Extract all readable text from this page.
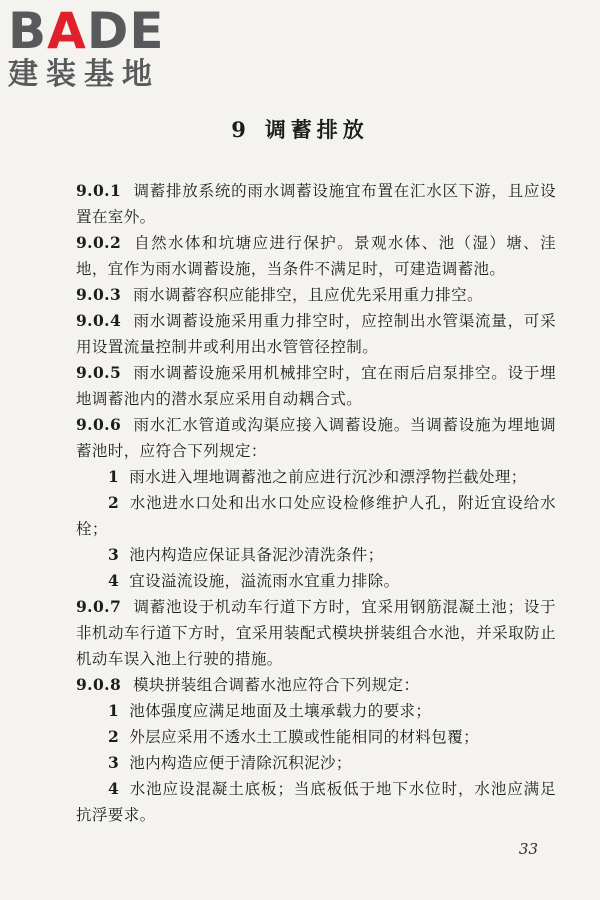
BADE
建装基地
9 调蓄排放

9.0.1 调蓄排放系统的雨水调蓄设施宜布置在汇水区下游，且应设置在室外。

9.0.2 自然水体和坑塘应进行保护。景观水体、池（湿）塘、洼地，宜作为雨水调蓄设施，当条件不满足时，可建造调蓄池。

9.0.3 雨水调蓄容积应能排空，且应优先采用重力排空。

9.0.4 雨水调蓄设施采用重力排空时，应控制出水管渠流量，可采用设置流量控制井或利用出水管管径控制。

9.0.5 雨水调蓄设施采用机械排空时，宜在雨后启泵排空。设于埋地调蓄池内的潜水泵应采用自动耦合式。

9.0.6 雨水汇水管道或沟渠应接入调蓄设施。当调蓄设施为埋地调蓄池时，应符合下列规定：

1 雨水进入埋地调蓄池之前应进行沉沙和漂浮物拦截处理；

2 水池进水口处和出水口处应设检修维护人孔，附近宜设给水栓；

3 池内构造应保证具备泥沙清洗条件；

4 宜设溢流设施，溢流雨水宜重力排除。

9.0.7 调蓄池设于机动车行道下方时，宜采用钢筋混凝土池；设于非机动车行道下方时，宜采用装配式模块拼装组合水池，并采取防止机动车误入池上行驶的措施。

9.0.8 模块拼装组合调蓄水池应符合下列规定：

1 池体强度应满足地面及土壤承载力的要求；

2 外层应采用不透水土工膜或性能相同的材料包覆；

3 池内构造应便于清除沉积泥沙；

4 水池应设混凝土底板；当底板低于地下水位时，水池应满足抗浮要求。

33
